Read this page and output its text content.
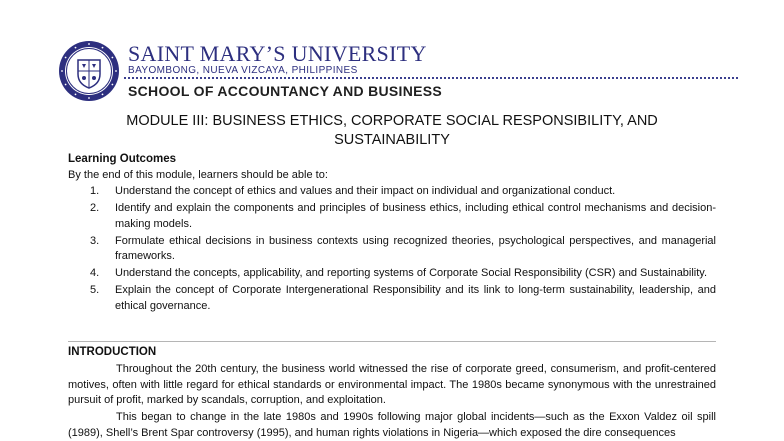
SAINT MARY’S UNIVERSITY
BAYOMBONG, NUEVA VIZCAYA, PHILIPPINES
SCHOOL OF ACCOUNTANCY AND BUSINESS
MODULE III: BUSINESS ETHICS, CORPORATE SOCIAL RESPONSIBILITY, AND
SUSTAINABILITY
Learning Outcomes
By the end of this module, learners should be able to:
1. Understand the concept of ethics and values and their impact on individual and organizational conduct.
2. Identify and explain the components and principles of business ethics, including ethical control mechanisms and decision-making models.
3. Formulate ethical decisions in business contexts using recognized theories, psychological perspectives, and managerial frameworks.
4. Understand the concepts, applicability, and reporting systems of Corporate Social Responsibility (CSR) and Sustainability.
5. Explain the concept of Corporate Intergenerational Responsibility and its link to long-term sustainability, leadership, and ethical governance.
INTRODUCTION

Throughout the 20th century, the business world witnessed the rise of corporate greed, consumerism, and profit-centered motives, often with little regard for ethical standards or environmental impact. The 1980s became synonymous with the unrestrained pursuit of profit, marked by scandals, corruption, and exploitation.

This began to change in the late 1980s and 1990s following major global incidents—such as the Exxon Valdez oil spill (1989), Shell’s Brent Spar controversy (1995), and human rights violations in Nigeria—which exposed the dire consequences
